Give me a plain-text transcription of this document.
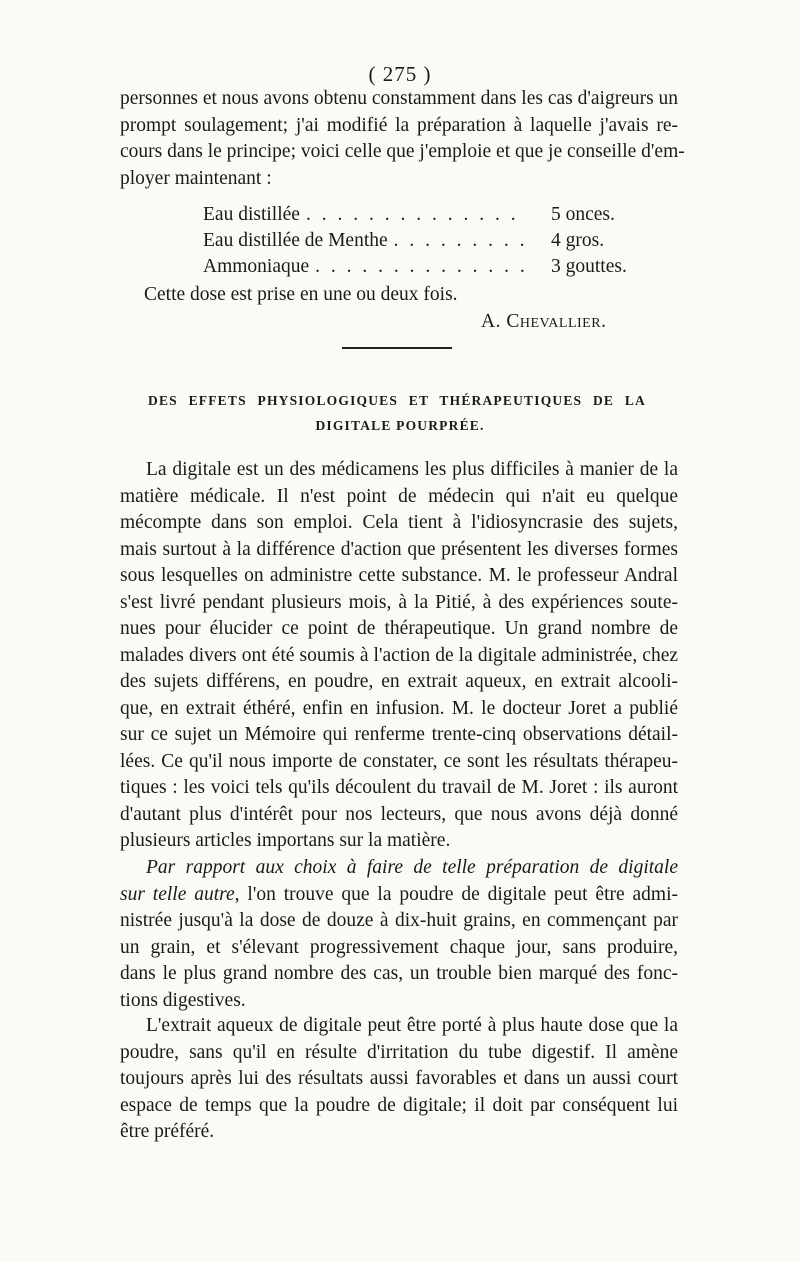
( 275 )
personnes et nous avons obtenu constamment dans les cas d'aigreurs un
prompt soulagement; j'ai modifié la préparation à laquelle j'avais re-
cours dans le principe; voici celle que j'emploie et que je conseille d'em-
ployer maintenant :
Eau distillée . . . . . . . . . . . . . .	5 onces.
Eau distillée de Menthe . . . . . . . . .	4 gros.
Ammoniaque . . . . . . . . . . . . . .	3 gouttes.
Cette dose est prise en une ou deux fois.
A. Chevallier.
DES EFFETS PHYSIOLOGIQUES ET THÉRAPEUTIQUES DE LA
DIGITALE POURPRÉE.
La digitale est un des médicamens les plus difficiles à manier de la
matière médicale. Il n'est point de médecin qui n'ait eu quelque
mécompte dans son emploi. Cela tient à l'idiosyncrasie des sujets,
mais surtout à la différence d'action que présentent les diverses formes
sous lesquelles on administre cette substance. M. le professeur Andral
s'est livré pendant plusieurs mois, à la Pitié, à des expériences soute-
nues pour élucider ce point de thérapeutique. Un grand nombre de
malades divers ont été soumis à l'action de la digitale administrée, chez
des sujets différens, en poudre, en extrait aqueux, en extrait alcooli-
que, en extrait éthéré, enfin en infusion. M. le docteur Joret a publié
sur ce sujet un Mémoire qui renferme trente-cinq observations détail-
lées. Ce qu'il nous importe de constater, ce sont les résultats thérapeu-
tiques : les voici tels qu'ils découlent du travail de M. Joret : ils auront
d'autant plus d'intérêt pour nos lecteurs, que nous avons déjà donné
plusieurs articles importans sur la matière.
Par rapport aux choix à faire de telle préparation de digitale
sur telle autre, l'on trouve que la poudre de digitale peut être admi-
nistrée jusqu'à la dose de douze à dix-huit grains, en commençant par
un grain, et s'élevant progressivement chaque jour, sans produire,
dans le plus grand nombre des cas, un trouble bien marqué des fonc-
tions digestives.
L'extrait aqueux de digitale peut être porté à plus haute dose que la
poudre, sans qu'il en résulte d'irritation du tube digestif. Il amène
toujours après lui des résultats aussi favorables et dans un aussi court
espace de temps que la poudre de digitale; il doit par conséquent lui
être préféré.
